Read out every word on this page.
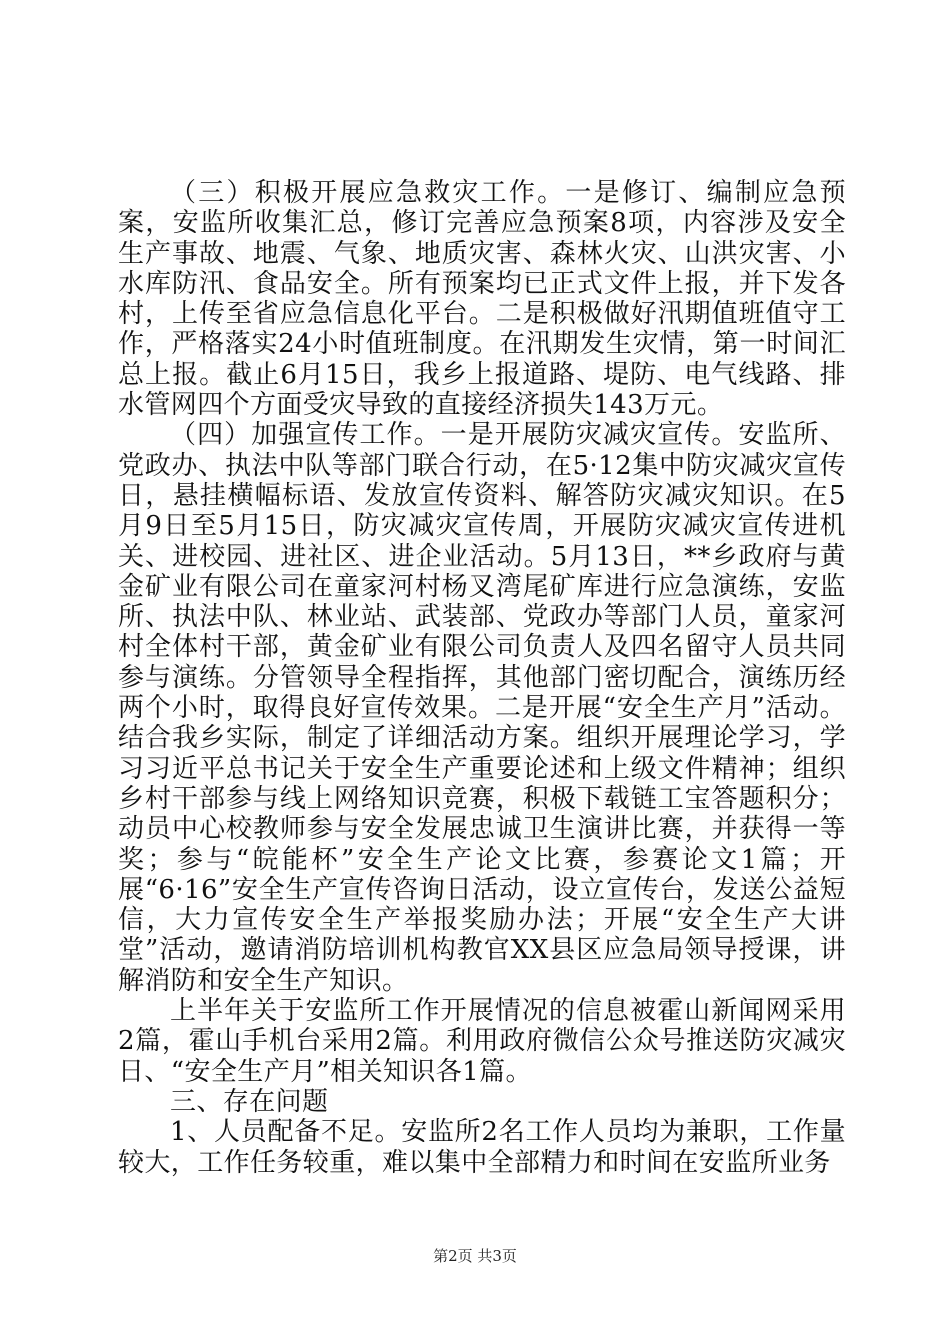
（三）积极开展应急救灾工作。一是修订、编制应急预案，安监所收集汇总，修订完善应急预案8项，内容涉及安全生产事故、地震、气象、地质灾害、森林火灾、山洪灾害、小水库防汛、食品安全。所有预案均已正式文件上报，并下发各村，上传至省应急信息化平台。二是积极做好汛期值班值守工作，严格落实24小时值班制度。在汛期发生灾情，第一时间汇总上报。截止6月15日，我乡上报道路、堤防、电气线路、排水管网四个方面受灾导致的直接经济损失143万元。

（四）加强宣传工作。一是开展防灾减灾宣传。安监所、党政办、执法中队等部门联合行动，在5·12集中防灾减灾宣传日，悬挂横幅标语、发放宣传资料、解答防灾减灾知识。在5月9日至5月15日，防灾减灾宣传周，开展防灾减灾宣传进机关、进校园、进社区、进企业活动。5月13日，**乡政府与黄金矿业有限公司在童家河村杨叉湾尾矿库进行应急演练，安监所、执法中队、林业站、武装部、党政办等部门人员，童家河村全体村干部，黄金矿业有限公司负责人及四名留守人员共同参与演练。分管领导全程指挥，其他部门密切配合，演练历经两个小时，取得良好宣传效果。二是开展“安全生产月”活动。结合我乡实际，制定了详细活动方案。组织开展理论学习，学习习近平总书记关于安全生产重要论述和上级文件精神；组织乡村干部参与线上网络知识竞赛，积极下载链工宝答题积分；动员中心校教师参与安全发展忠诚卫生演讲比赛，并获得一等奖；参与“皖能杯”安全生产论文比赛，参赛论文1篇；开展“6·16”安全生产宣传咨询日活动，设立宣传台，发送公益短信，大力宣传安全生产举报奖励办法；开展“安全生产大讲堂”活动，邀请消防培训机构教官XX县区应急局领导授课，讲解消防和安全生产知识。

上半年关于安监所工作开展情况的信息被霍山新闻网采用2篇，霍山手机台采用2篇。利用政府微信公众号推送防灾减灾日、“安全生产月”相关知识各1篇。

三、存在问题

1、人员配备不足。安监所2名工作人员均为兼职，工作量较大，工作任务较重，难以集中全部精力和时间在安监所业务

第2页 共3页
